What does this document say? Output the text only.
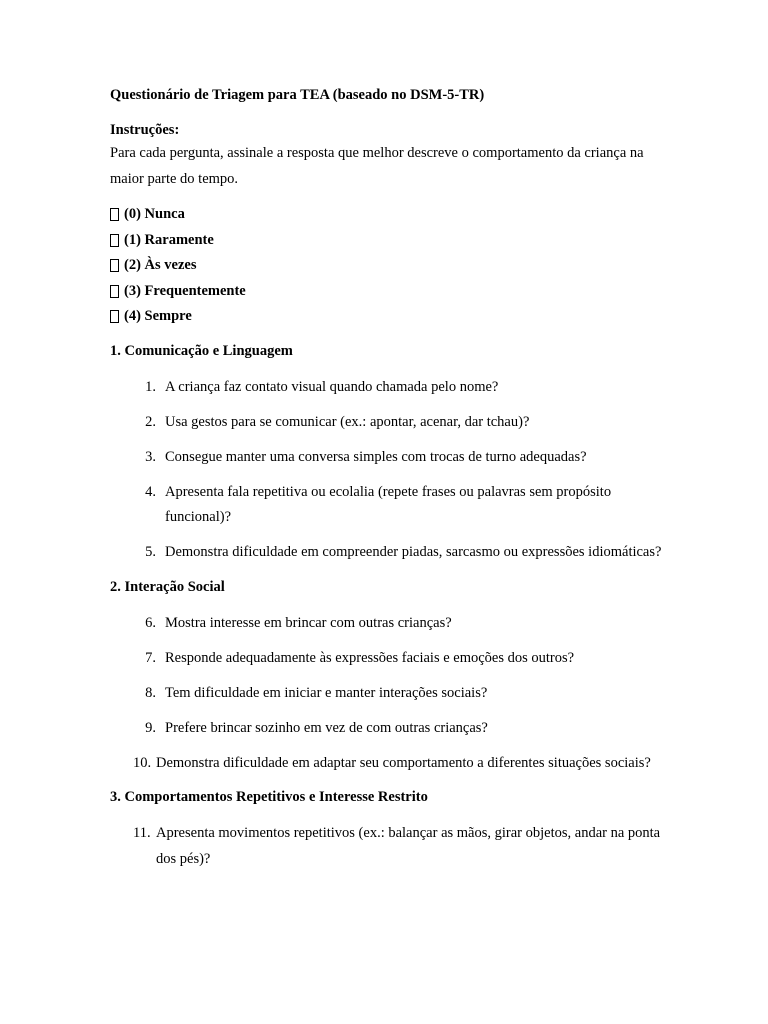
Questionário de Triagem para TEA (baseado no DSM-5-TR)

Instruções:

Para cada pergunta, assinale a resposta que melhor descreve o comportamento da criança na maior parte do tempo.

(0) Nunca
(1) Raramente
(2) Às vezes
(3) Frequentemente
(4) Sempre

1. Comunicação e Linguagem

1. A criança faz contato visual quando chamada pelo nome?
2. Usa gestos para se comunicar (ex.: apontar, acenar, dar tchau)?
3. Consegue manter uma conversa simples com trocas de turno adequadas?
4. Apresenta fala repetitiva ou ecolalia (repete frases ou palavras sem propósito funcional)?
5. Demonstra dificuldade em compreender piadas, sarcasmo ou expressões idiomáticas?

2. Interação Social

6. Mostra interesse em brincar com outras crianças?
7. Responde adequadamente às expressões faciais e emoções dos outros?
8. Tem dificuldade em iniciar e manter interações sociais?
9. Prefere brincar sozinho em vez de com outras crianças?
10. Demonstra dificuldade em adaptar seu comportamento a diferentes situações sociais?

3. Comportamentos Repetitivos e Interesse Restrito

11. Apresenta movimentos repetitivos (ex.: balançar as mãos, girar objetos, andar na ponta dos pés)?
